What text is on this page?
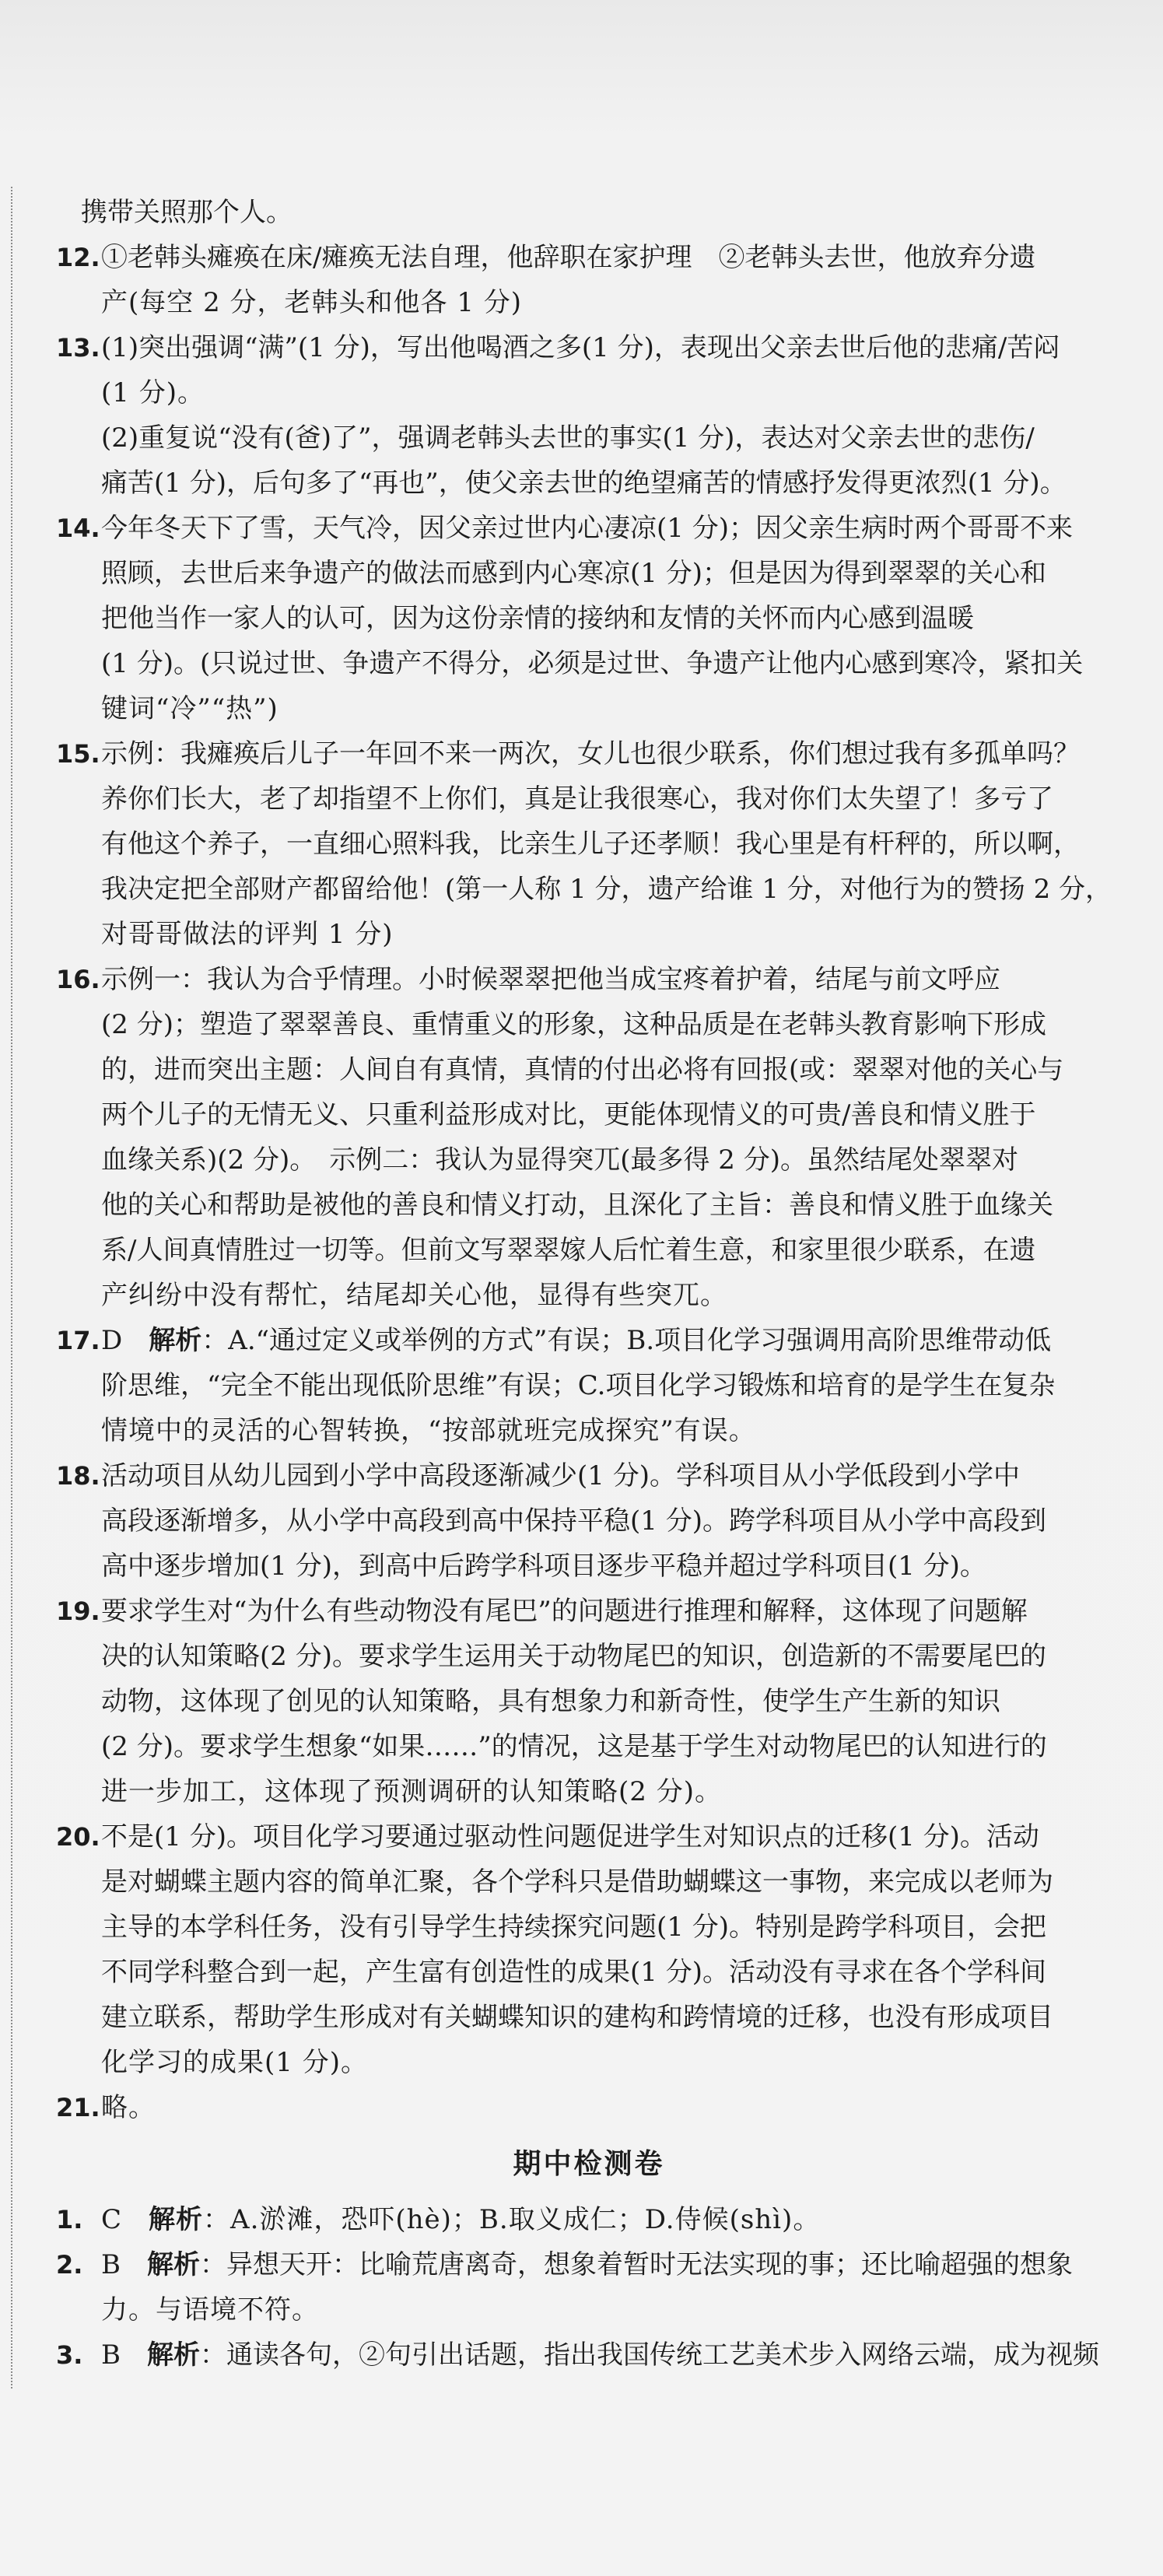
携带关照那个人。
12. ①老韩头瘫痪在床/瘫痪无法自理，他辞职在家护理　②老韩头去世，他放弃分遗
产(每空 2 分，老韩头和他各 1 分)
13. (1)突出强调“满”(1 分)，写出他喝酒之多(1 分)，表现出父亲去世后他的悲痛/苦闷
(1 分)。
(2)重复说“没有(爸)了”，强调老韩头去世的事实(1 分)，表达对父亲去世的悲伤/
痛苦(1 分)，后句多了“再也”，使父亲去世的绝望痛苦的情感抒发得更浓烈(1 分)。
14. 今年冬天下了雪，天气冷，因父亲过世内心凄凉(1 分)；因父亲生病时两个哥哥不来
照顾，去世后来争遗产的做法而感到内心寒凉(1 分)；但是因为得到翠翠的关心和
把他当作一家人的认可，因为这份亲情的接纳和友情的关怀而内心感到温暖
(1 分)。(只说过世、争遗产不得分，必须是过世、争遗产让他内心感到寒冷，紧扣关
键词“冷”“热”)
15. 示例：我瘫痪后儿子一年回不来一两次，女儿也很少联系，你们想过我有多孤单吗？
养你们长大，老了却指望不上你们，真是让我很寒心，我对你们太失望了！多亏了
有他这个养子，一直细心照料我，比亲生儿子还孝顺！我心里是有杆秤的，所以啊，
我决定把全部财产都留给他！(第一人称 1 分，遗产给谁 1 分，对他行为的赞扬 2 分，
对哥哥做法的评判 1 分)
16. 示例一：我认为合乎情理。小时候翠翠把他当成宝疼着护着，结尾与前文呼应
(2 分)；塑造了翠翠善良、重情重义的形象，这种品质是在老韩头教育影响下形成
的，进而突出主题：人间自有真情，真情的付出必将有回报(或：翠翠对他的关心与
两个儿子的无情无义、只重利益形成对比，更能体现情义的可贵/善良和情义胜于
血缘关系)(2 分)。　示例二：我认为显得突兀(最多得 2 分)。虽然结尾处翠翠对
他的关心和帮助是被他的善良和情义打动，且深化了主旨：善良和情义胜于血缘关
系/人间真情胜过一切等。但前文写翠翠嫁人后忙着生意，和家里很少联系，在遗
产纠纷中没有帮忙，结尾却关心他，显得有些突兀。
17. D 解析：A.“通过定义或举例的方式”有误；B.项目化学习强调用高阶思维带动低
阶思维，“完全不能出现低阶思维”有误；C.项目化学习锻炼和培育的是学生在复杂
情境中的灵活的心智转换，“按部就班完成探究”有误。
18. 活动项目从幼儿园到小学中高段逐渐减少(1 分)。学科项目从小学低段到小学中
高段逐渐增多，从小学中高段到高中保持平稳(1 分)。跨学科项目从小学中高段到
高中逐步增加(1 分)，到高中后跨学科项目逐步平稳并超过学科项目(1 分)。
19. 要求学生对“为什么有些动物没有尾巴”的问题进行推理和解释，这体现了问题解
决的认知策略(2 分)。要求学生运用关于动物尾巴的知识，创造新的不需要尾巴的
动物，这体现了创见的认知策略，具有想象力和新奇性，使学生产生新的知识
(2 分)。要求学生想象“如果……”的情况，这是基于学生对动物尾巴的认知进行的
进一步加工，这体现了预测调研的认知策略(2 分)。
20. 不是(1 分)。项目化学习要通过驱动性问题促进学生对知识点的迁移(1 分)。活动
是对蝴蝶主题内容的简单汇聚，各个学科只是借助蝴蝶这一事物，来完成以老师为
主导的本学科任务，没有引导学生持续探究问题(1 分)。特别是跨学科项目，会把
不同学科整合到一起，产生富有创造性的成果(1 分)。活动没有寻求在各个学科间
建立联系，帮助学生形成对有关蝴蝶知识的建构和跨情境的迁移，也没有形成项目
化学习的成果(1 分)。
21. 略。
期中检测卷
1. C 解析：A.淤滩，恐吓(hè)；B.取义成仁；D.侍候(shì)。
2. B 解析：异想天开：比喻荒唐离奇，想象着暂时无法实现的事；还比喻超强的想象
力。与语境不符。
3. B 解析：通读各句，②句引出话题，指出我国传统工艺美术步入网络云端，成为视频
